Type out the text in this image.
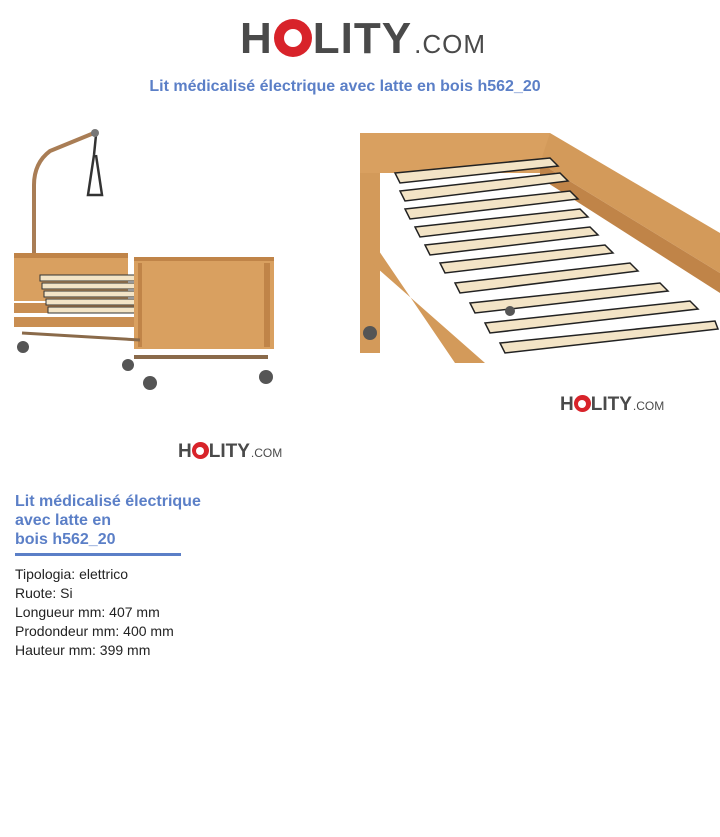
H LITY .COM
Lit médicalisé électrique avec latte en bois h562_20
H LITY .COM
H LITY .COM
Lit médicalisé électrique
avec latte en
bois h562_20
Tipologia: elettrico
Ruote: Si
Longueur mm: 407 mm
Prodondeur mm: 400 mm
Hauteur mm: 399 mm
